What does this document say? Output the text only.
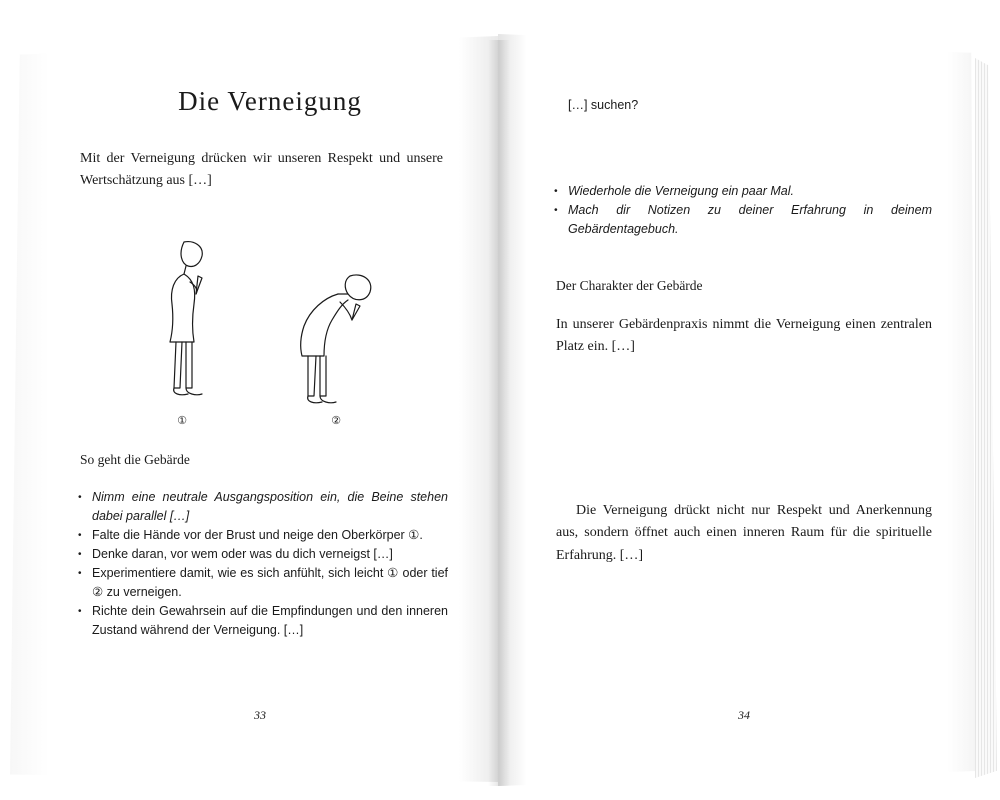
Die Verneigung

Mit der Verneigung drücken wir unseren Respekt und unsere Wertschätzung aus […]

①	②
So geht die Gebärde
• Nimm eine neutrale Ausgangsposition ein, die Beine stehen dabei parallel […]
• Falte die Hände vor der Brust und neige den Oberkörper ①.
• Denke daran, vor wem oder was du dich verneigst […]
• Experimentiere damit, wie es sich anfühlt, sich leicht ① oder tief ② zu verneigen.
• Richte dein Gewahrsein auf die Empfindungen und den inneren Zustand während der Verneigung. […]
33

[…] suchen?

• Wiederhole die Verneigung ein paar Mal.
• Mach dir Notizen zu deiner Erfahrung in deinem Gebärdentagebuch.
Der Charakter der Gebärde

In unserer Gebärdenpraxis nimmt die Verneigung einen zentralen Platz ein. […]

Die Verneigung drückt nicht nur Respekt und Anerkennung aus, sondern öffnet auch einen inneren Raum für die spirituelle Erfahrung. […]

34
